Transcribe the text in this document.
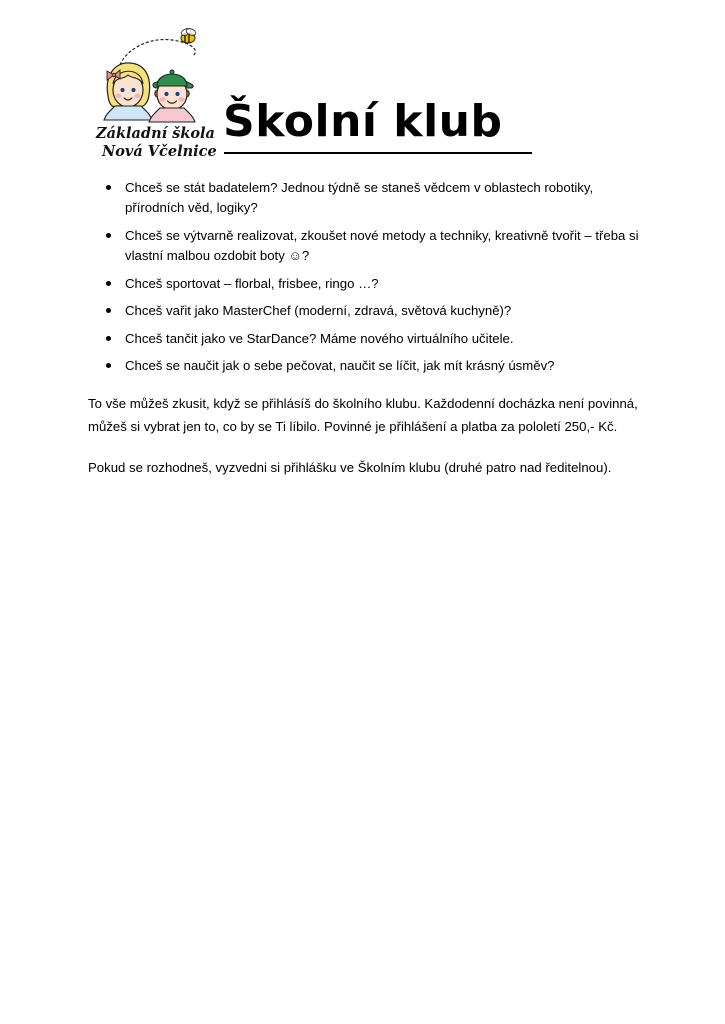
Základní škola
Nová Včelnice
Školní klub
Chceš se stát badatelem? Jednou týdně se staneš vědcem v oblastech robotiky, přírodních věd, logiky?
Chceš se výtvarně realizovat, zkoušet nové metody a techniky, kreativně tvořit – třeba si vlastní malbou ozdobit boty ☺?
Chceš sportovat – florbal, frisbee, ringo …?
Chceš vařit jako MasterChef (moderní, zdravá, světová kuchyně)?
Chceš tančit jako ve StarDance? Máme nového virtuálního učitele.
Chceš se naučit jak o sebe pečovat, naučit se líčit, jak mít krásný úsměv?

To vše můžeš zkusit, když se přihlásíš do školního klubu. Každodenní docházka není povinná, můžeš si vybrat jen to, co by se Ti líbilo. Povinné je přihlášení a platba za pololetí 250,- Kč.

Pokud se rozhodneš, vyzvedni si přihlášku ve Školním klubu (druhé patro nad ředitelnou).
